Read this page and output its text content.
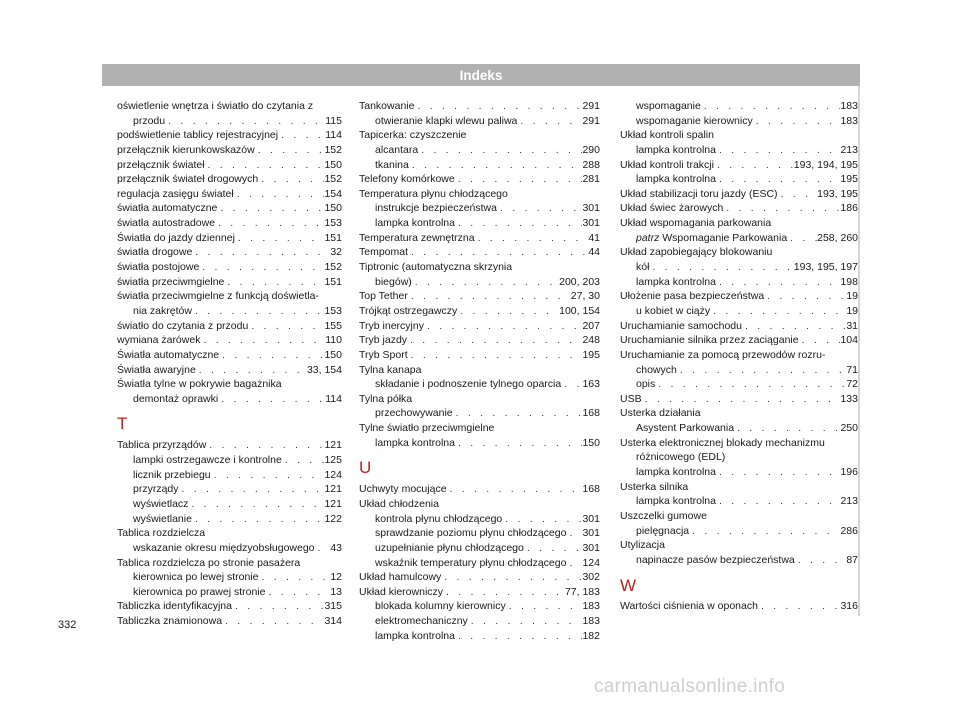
Indeks
oświetlenie wnętrza i światło do czytania z
przodu . . .	115
podświetlenie tablicy rejestracyjnej . . .	114
przełącznik kierunkowskazów . . .	152
przełącznik świateł . . .	150
przełącznik świateł drogowych . . .	152
regulacja zasięgu świateł . . .	154
światła automatyczne . . .	150
światła autostradowe . . .	153
Światła do jazdy dziennej . . .	151
światła drogowe . . .	32
światła postojowe . . .	152
światła przeciwmgielne . . .	151
światła przeciwmgielne z funkcją doświetla-
nia zakrętów . . .	153
światło do czytania z przodu . . .	155
wymiana żarówek . . .	110
Światła automatyczne . . .	150
Światła awaryjne . . .	33, 154
Światła tylne w pokrywie bagażnika
demontaż oprawki . . .	114
T
Tablica przyrządów . . .	121
lampki ostrzegawcze i kontrolne . . .	125
licznik przebiegu . . .	124
przyrządy . . .	121
wyświetlacz . . .	121
wyświetlanie . . .	122
Tablica rozdzielcza
wskazanie okresu międzyobsługowego . . . 43
Tablica rozdzielcza po stronie pasażera
kierownica po lewej stronie . . .	12
kierownica po prawej stronie . . .	13
Tabliczka identyfikacyjna . . .	315
Tabliczka znamionowa . . .	314
Tankowanie . . .	291
otwieranie klapki wlewu paliwa . . .	291
Tapicerka: czyszczenie
alcantara . . .	290
tkanina . . .	288
Telefony komórkowe . . .	281
Temperatura płynu chłodzącego
instrukcje bezpieczeństwa . . .	301
lampka kontrolna . . .	301
Temperatura zewnętrzna . . .	41
Tempomat . . .	44
Tiptronic (automatyczna skrzynia
biegów) . . .	200, 203
Top Tether . . .	27, 30
Trójkąt ostrzegawczy . . .	100, 154
Tryb inercyjny . . .	207
Tryb jazdy . . .	248
Tryb Sport . . .	195
Tylna kanapa
składanie i podnoszenie tylnego oparcia . . . 163
Tylna półka
przechowywanie . . .	168
Tylne światło przeciwmgielne
lampka kontrolna . . .	150
U
Uchwyty mocujące . . .	168
Układ chłodzenia
kontrola płynu chłodzącego . . .	301
sprawdzanie poziomu płynu chłodzącego . . . 301
uzupełnianie płynu chłodzącego . . .	301
wskaźnik temperatury płynu chłodzącego . . . 124
Układ hamulcowy . . .	302
Układ kierowniczy . . .	77, 183
blokada kolumny kierownicy . . .	183
elektromechaniczny . . .	183
lampka kontrolna . . .	182
wspomaganie . . .	183
wspomaganie kierownicy . . .	183
Układ kontroli spalin
lampka kontrolna . . .	213
Układ kontroli trakcji . . .	193, 194, 195
lampka kontrolna . . .	195
Układ stabilizacji toru jazdy (ESC) . . .	193, 195
Układ świec żarowych . . .	186
Układ wspomagania parkowania
patrz Wspomaganie Parkowania . . .	258, 260
Układ zapobiegający blokowaniu
kół . . .	193, 195, 197
lampka kontrolna . . .	198
Ułożenie pasa bezpieczeństwa . . .	19
u kobiet w ciąży . . .	19
Uruchamianie samochodu . . .	31
Uruchamianie silnika przez zaciąganie . . .	104
Uruchamianie za pomocą przewodów rozru-
chowych . . .	71
opis . . .	72
USB . . .	133
Usterka działania
Asystent Parkowania . . .	250
Usterka elektronicznej blokady mechanizmu
różnicowego (EDL)
lampka kontrolna . . .	196
Usterka silnika
lampka kontrolna . . .	213
Uszczelki gumowe
pielęgnacja . . .	286
Utylizacja
napinacze pasów bezpieczeństwa . . .	87
W
Wartości ciśnienia w oponach . . .	316
332
carmanualsonline.info
